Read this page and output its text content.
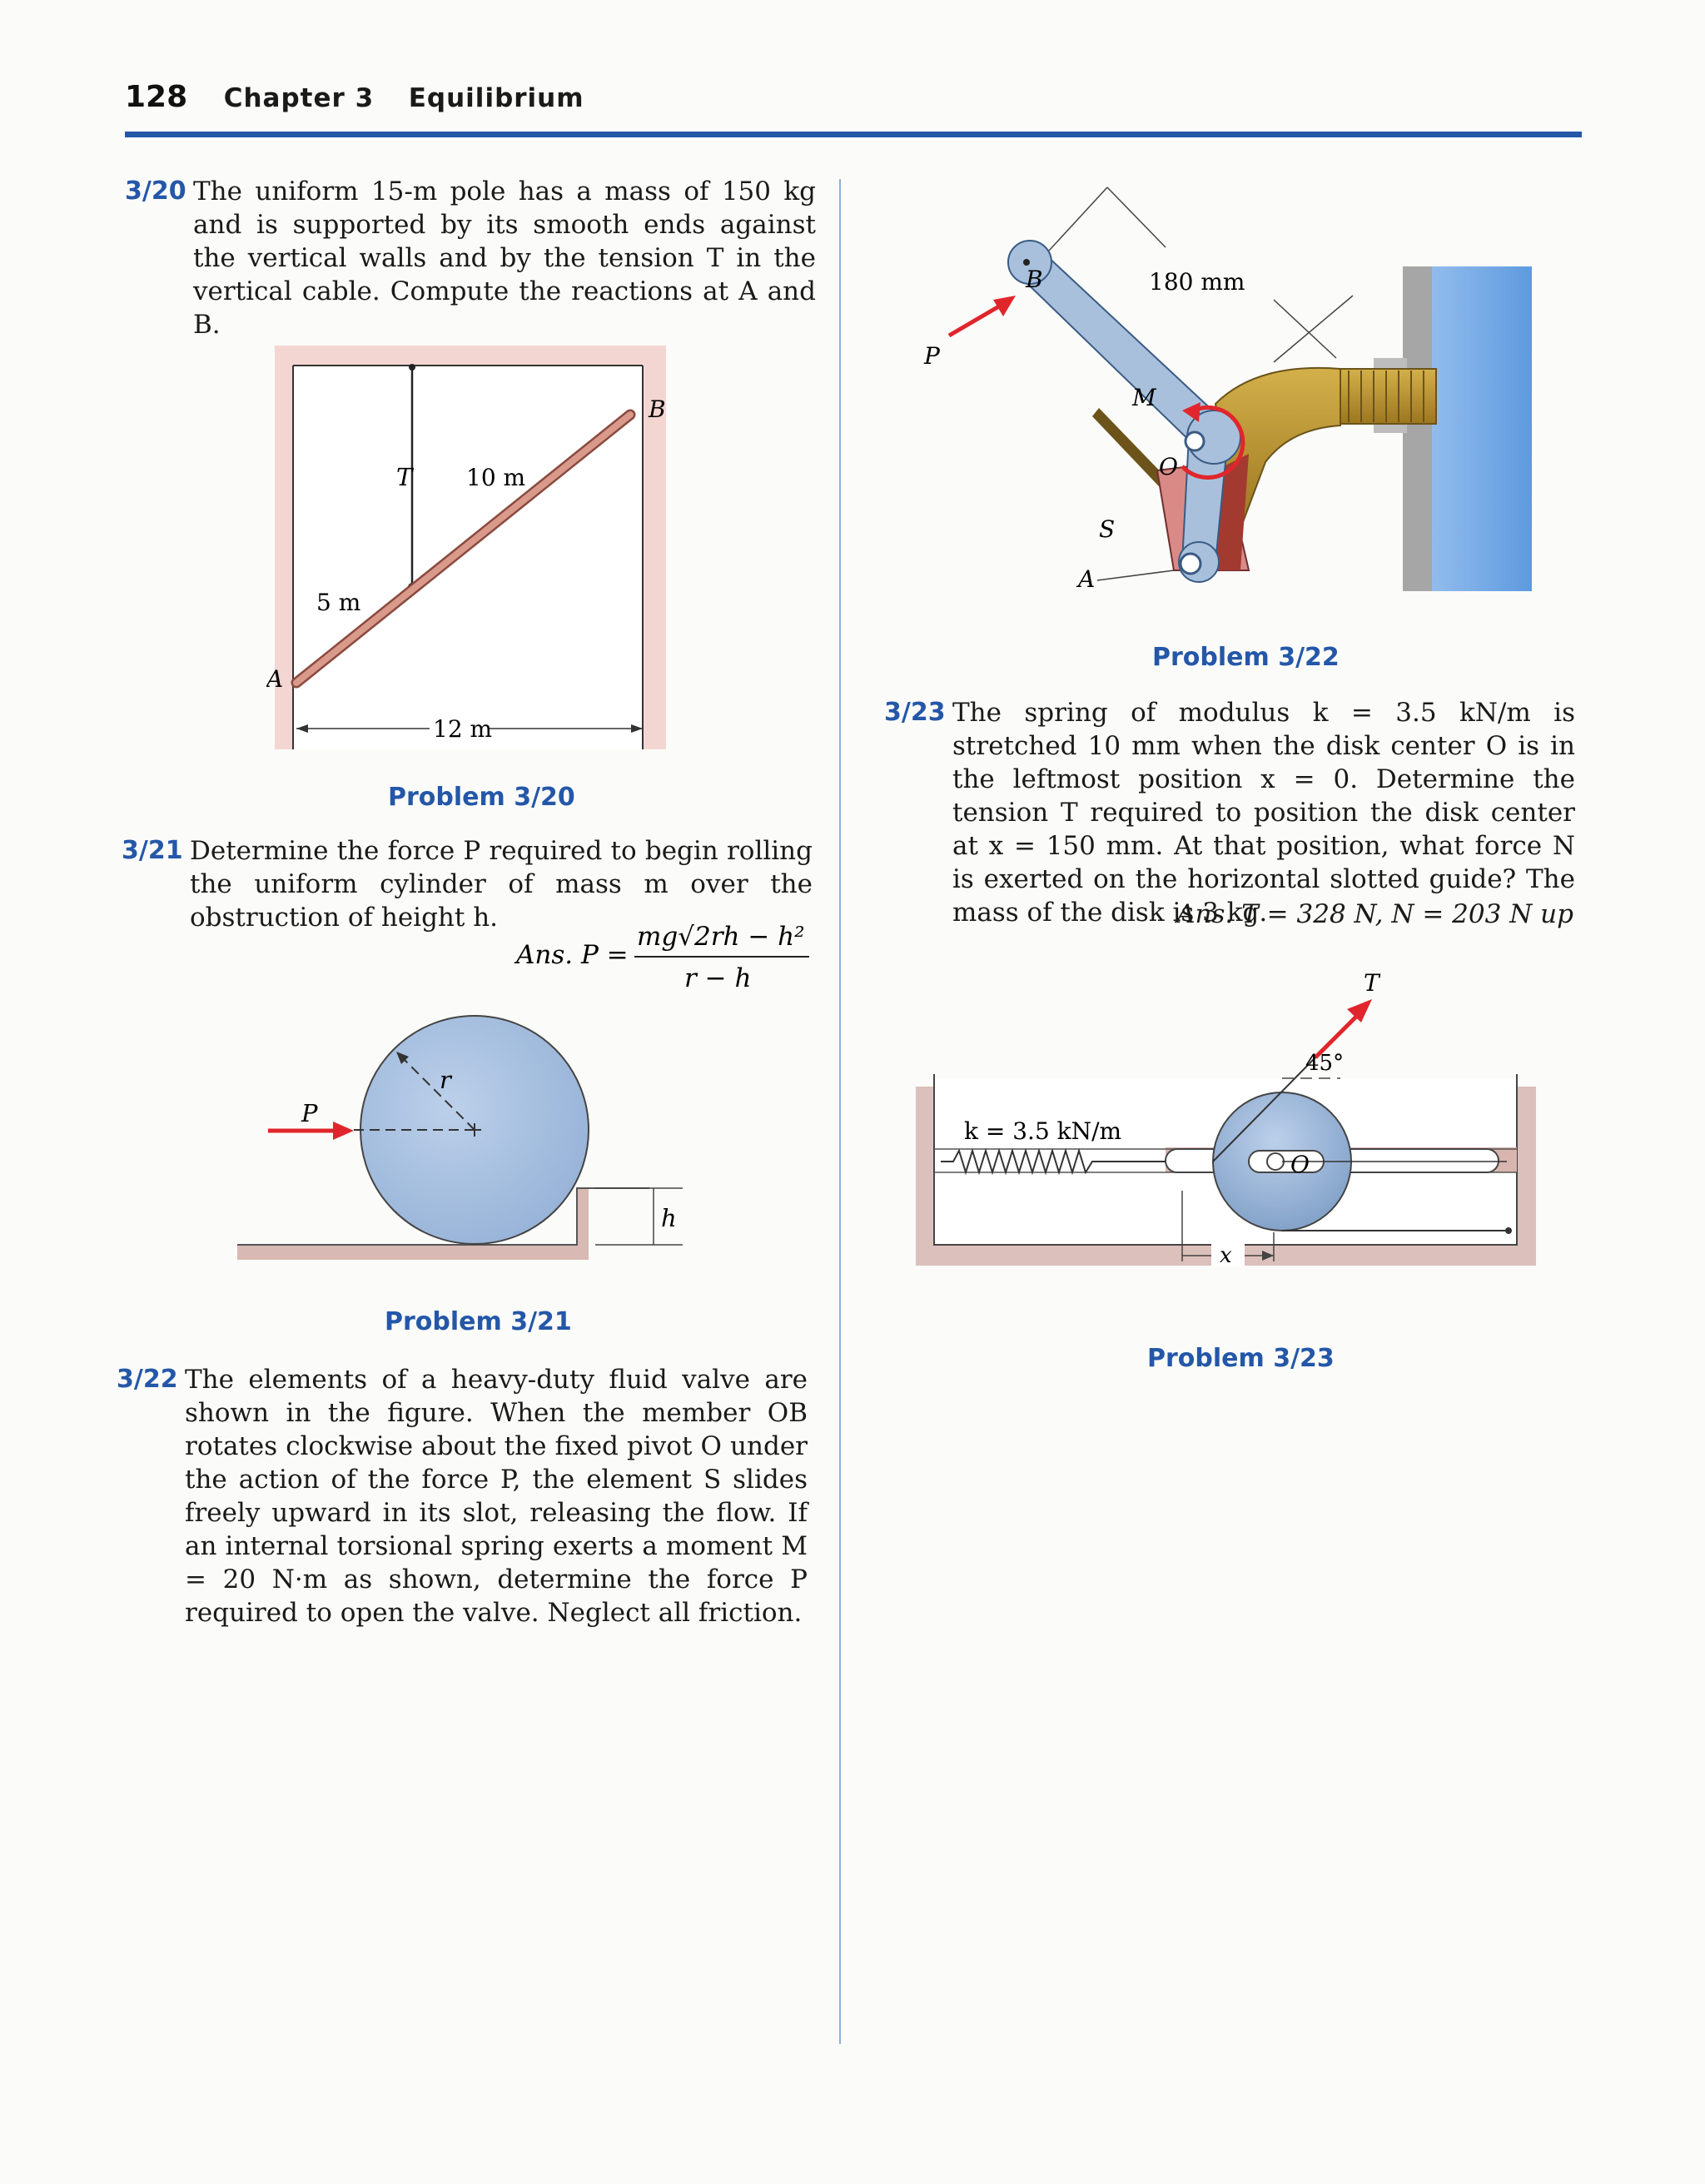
128 Chapter 3 Equilibrium
3/20 The uniform 15-m pole has a mass of 150 kg and is supported by its smooth ends against the vertical walls and by the tension T in the vertical cable. Compute the reactions at A and B.
T 10 m
B
5 m
A
12 m
Problem 3/20
3/21 Determine the force P required to begin rolling the uniform cylinder of mass m over the obstruction of height h.
Ans. P =
mg√2rh − h²
r − h
P
r
h
Problem 3/21
3/22 The elements of a heavy-duty fluid valve are shown in the figure. When the member OB rotates clockwise about the fixed pivot O under the action of the force P, the element S slides freely upward in its slot, releasing the flow. If an internal torsional spring exerts a moment M = 20 N·m as shown, determine the force P required to open the valve. Neglect all friction.
B	180 mm
P
M
O
S
A
Problem 3/22
3/23 The spring of modulus k = 3.5 kN/m is stretched 10 mm when the disk center O is in the leftmost position x = 0. Determine the tension T required to position the disk center at x = 150 mm. At that position, what force N is exerted on the horizontal slotted guide? The mass of the disk is 3 kg.
Ans. T = 328 N, N = 203 N up
T
45°
k = 3.5 kN/m
O
x
Problem 3/23
